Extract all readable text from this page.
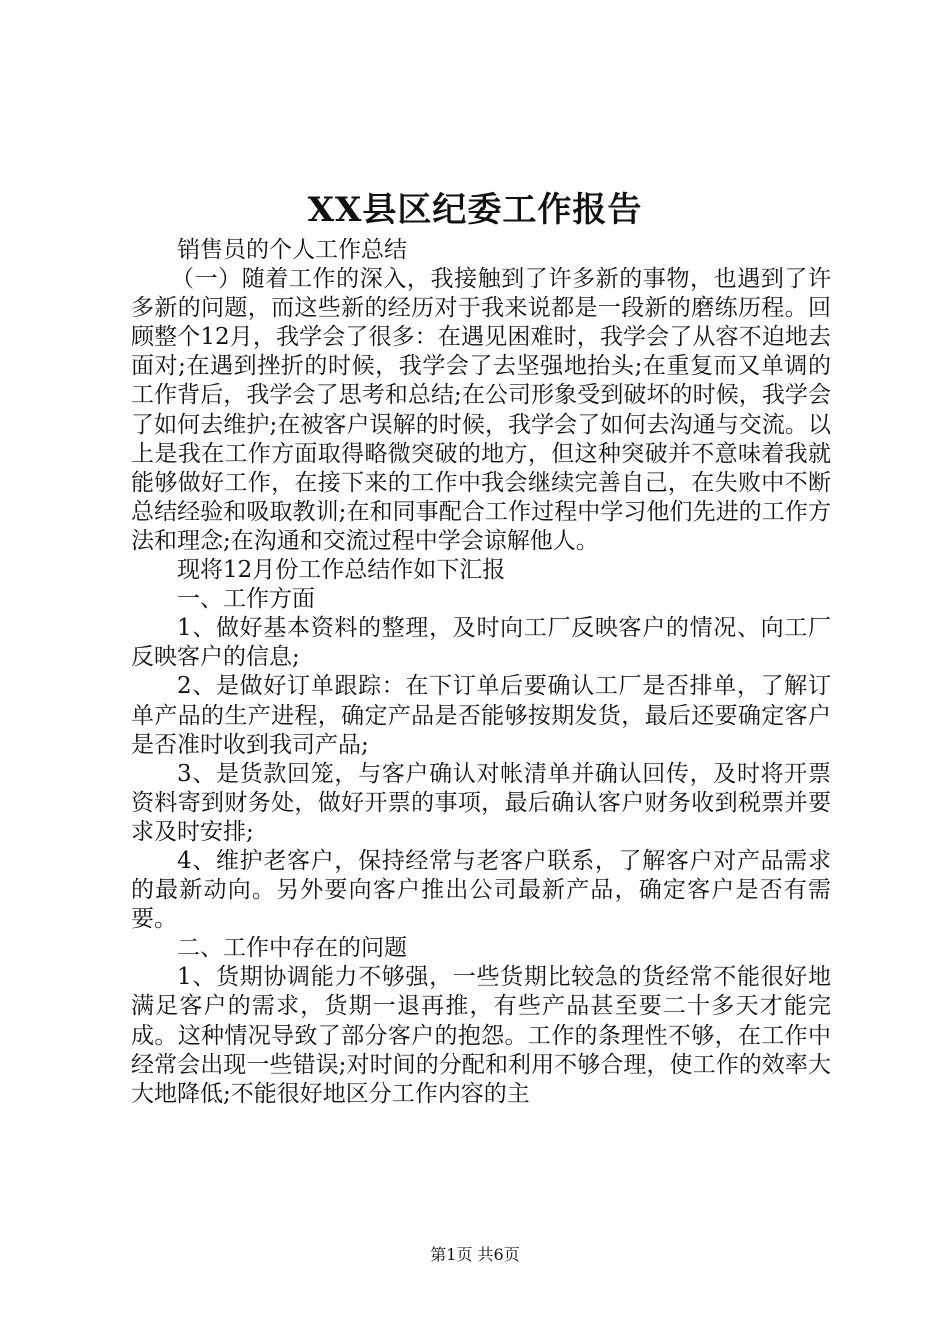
XX县区纪委工作报告

销售员的个人工作总结

（一）随着工作的深入，我接触到了许多新的事物，也遇到了许多新的问题，而这些新的经历对于我来说都是一段新的磨练历程。回顾整个12月，我学会了很多：在遇见困难时，我学会了从容不迫地去面对;在遇到挫折的时候，我学会了去坚强地抬头;在重复而又单调的工作背后，我学会了思考和总结;在公司形象受到破坏的时候，我学会了如何去维护;在被客户误解的时候，我学会了如何去沟通与交流。以上是我在工作方面取得略微突破的地方，但这种突破并不意味着我就能够做好工作，在接下来的工作中我会继续完善自己，在失败中不断总结经验和吸取教训;在和同事配合工作过程中学习他们先进的工作方法和理念;在沟通和交流过程中学会谅解他人。

现将12月份工作总结作如下汇报

一、工作方面

1、做好基本资料的整理，及时向工厂反映客户的情况、向工厂反映客户的信息;

2、是做好订单跟踪：在下订单后要确认工厂是否排单，了解订单产品的生产进程，确定产品是否能够按期发货，最后还要确定客户是否准时收到我司产品;

3、是货款回笼，与客户确认对帐清单并确认回传，及时将开票资料寄到财务处，做好开票的事项，最后确认客户财务收到税票并要求及时安排;

4、维护老客户，保持经常与老客户联系，了解客户对产品需求的最新动向。另外要向客户推出公司最新产品，确定客户是否有需要。

二、工作中存在的问题

1、货期协调能力不够强，一些货期比较急的货经常不能很好地满足客户的需求，货期一退再推，有些产品甚至要二十多天才能完成。这种情况导致了部分客户的抱怨。工作的条理性不够，在工作中经常会出现一些错误;对时间的分配和利用不够合理，使工作的效率大大地降低;不能很好地区分工作内容的主

第1页 共6页
